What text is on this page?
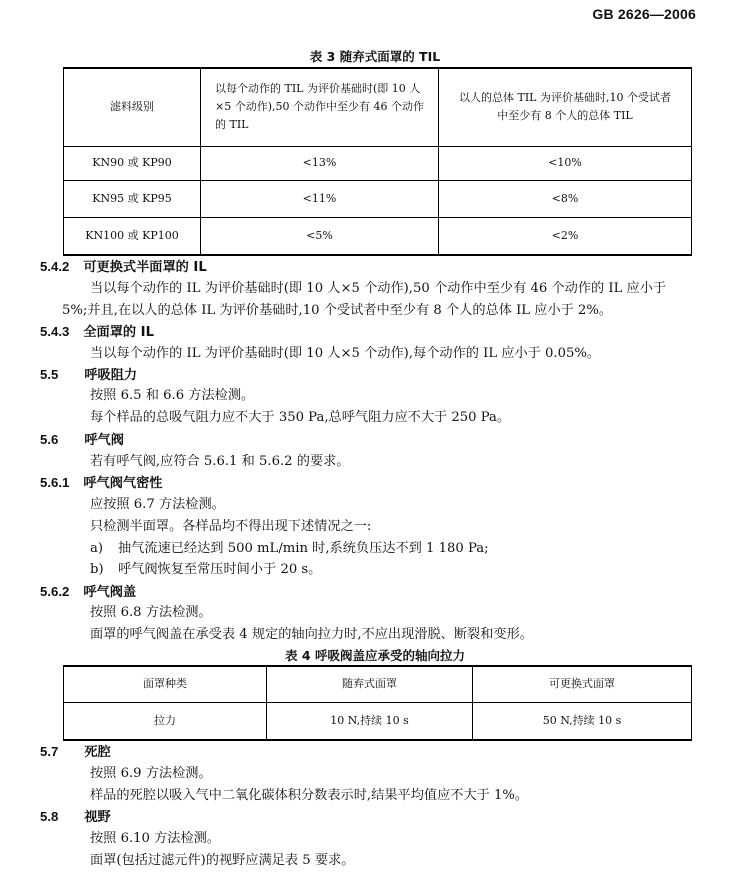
GB 2626—2006
表 3 随弃式面罩的 TIL
滤料级别	以每个动作的 TIL 为评价基础时(即 10 人×5 个动作),50 个动作中至少有 46 个动作的 TIL	以人的总体 TIL 为评价基础时,10 个受试者中至少有 8 个人的总体 TIL
KN90 或 KP90	<13%	<10%
KN95 或 KP95	<11%	<8%
KN100 或 KP100	<5%	<2%
5.4.2 可更换式半面罩的 IL
当以每个动作的 IL 为评价基础时(即 10 人×5 个动作),50 个动作中至少有 46 个动作的 IL 应小于
5%;并且,在以人的总体 IL 为评价基础时,10 个受试者中至少有 8 个人的总体 IL 应小于 2%。
5.4.3 全面罩的 IL
当以每个动作的 IL 为评价基础时(即 10 人×5 个动作),每个动作的 IL 应小于 0.05%。
5.5 呼吸阻力
按照 6.5 和 6.6 方法检测。
每个样品的总吸气阻力应不大于 350 Pa,总呼气阻力应不大于 250 Pa。
5.6 呼气阀
若有呼气阀,应符合 5.6.1 和 5.6.2 的要求。
5.6.1 呼气阀气密性
应按照 6.7 方法检测。
只检测半面罩。各样品均不得出现下述情况之一:
a) 抽气流速已经达到 500 mL/min 时,系统负压达不到 1 180 Pa;
b) 呼气阀恢复至常压时间小于 20 s。
5.6.2 呼气阀盖
按照 6.8 方法检测。
面罩的呼气阀盖在承受表 4 规定的轴向拉力时,不应出现滑脱、断裂和变形。
表 4 呼吸阀盖应承受的轴向拉力
面罩种类	随弃式面罩	可更换式面罩
拉力	10 N,持续 10 s	50 N,持续 10 s
5.7 死腔
按照 6.9 方法检测。
样品的死腔以吸入气中二氧化碳体积分数表示时,结果平均值应不大于 1%。
5.8 视野
按照 6.10 方法检测。
面罩(包括过滤元件)的视野应满足表 5 要求。
